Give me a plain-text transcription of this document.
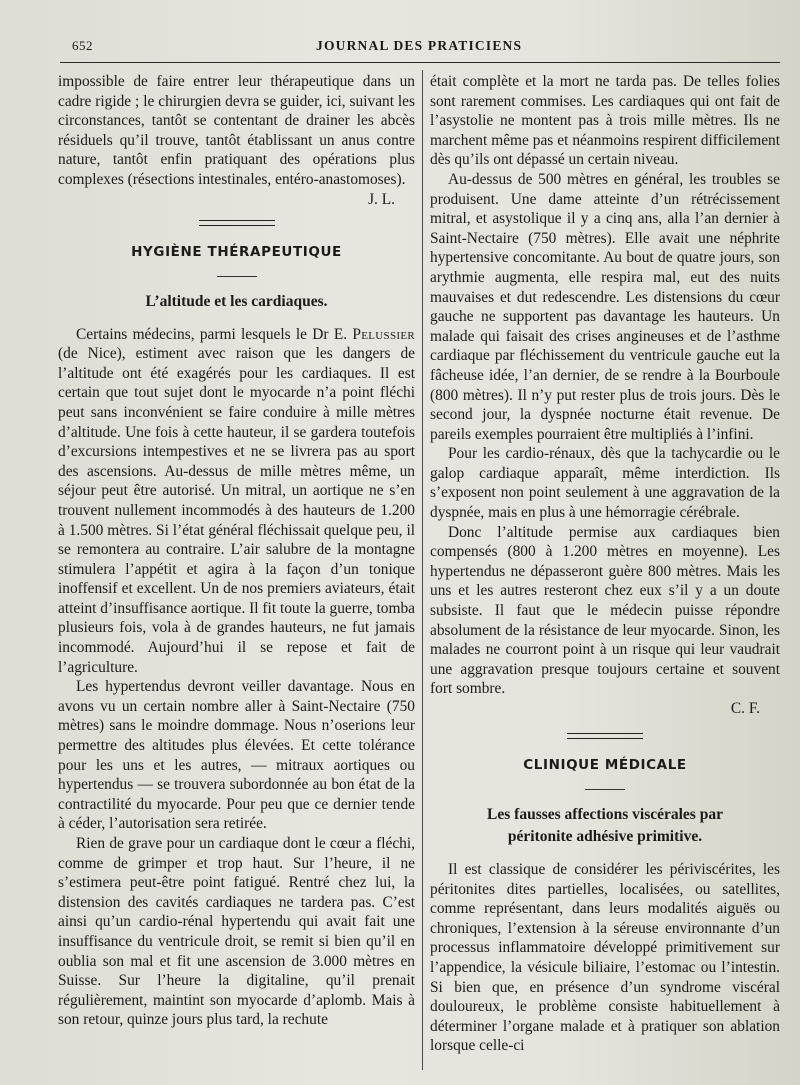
652	JOURNAL DES PRATICIENS

impossible de faire entrer leur thérapeutique dans un cadre rigide ; le chirurgien devra se guider, ici, suivant les circonstances, tantôt se contentant de drainer les abcès résiduels qu’il trouve, tantôt établissant un anus contre nature, tantôt enfin pratiquant des opérations plus complexes (résections intestinales, entéro-anastomoses).

J. L.
HYGIÈNE THÉRAPEUTIQUE
L’altitude et les cardiaques.

Certains médecins, parmi lesquels le Dr E. Pelussier (de Nice), estiment avec raison que les dangers de l’altitude ont été exagérés pour les cardiaques. Il est certain que tout sujet dont le myocarde n’a point fléchi peut sans inconvénient se faire conduire à mille mètres d’altitude. Une fois à cette hauteur, il se gardera toutefois d’excursions intempestives et ne se livrera pas au sport des ascensions. Au-dessus de mille mètres même, un séjour peut être autorisé. Un mitral, un aortique ne s’en trouvent nullement incommodés à des hauteurs de 1.200 à 1.500 mètres. Si l’état général fléchissait quelque peu, il se remontera au contraire. L’air salubre de la montagne stimulera l’appétit et agira à la façon d’un tonique inoffensif et excellent. Un de nos premiers aviateurs, était atteint d’insuffisance aortique. Il fit toute la guerre, tomba plusieurs fois, vola à de grandes hauteurs, ne fut jamais incommodé. Aujourd’hui il se repose et fait de l’agriculture.

Les hypertendus devront veiller davantage. Nous en avons vu un certain nombre aller à Saint-Nectaire (750 mètres) sans le moindre dommage. Nous n’oserions leur permettre des altitudes plus élevées. Et cette tolérance pour les uns et les autres, — mitraux aortiques ou hypertendus — se trouvera subordonnée au bon état de la contractilité du myocarde. Pour peu que ce dernier tende à céder, l’autorisation sera retirée.

Rien de grave pour un cardiaque dont le cœur a fléchi, comme de grimper et trop haut. Sur l’heure, il ne s’estimera peut-être point fatigué. Rentré chez lui, la distension des cavités cardiaques ne tardera pas. C’est ainsi qu’un cardio-rénal hypertendu qui avait fait une insuffisance du ventricule droit, se remit si bien qu’il en oublia son mal et fit une ascension de 3.000 mètres en Suisse. Sur l’heure la digitaline, qu’il prenait régulièrement, maintint son myocarde d’aplomb. Mais à son retour, quinze jours plus tard, la rechute

était complète et la mort ne tarda pas. De telles folies sont rarement commises. Les cardiaques qui ont fait de l’asystolie ne montent pas à trois mille mètres. Ils ne marchent même pas et néanmoins respirent difficilement dès qu’ils ont dépassé un certain niveau.

Au-dessus de 500 mètres en général, les troubles se produisent. Une dame atteinte d’un rétrécissement mitral, et asystolique il y a cinq ans, alla l’an dernier à Saint-Nectaire (750 mètres). Elle avait une néphrite hypertensive concomitante. Au bout de quatre jours, son arythmie augmenta, elle respira mal, eut des nuits mauvaises et dut redescendre. Les distensions du cœur gauche ne supportent pas davantage les hauteurs. Un malade qui faisait des crises angineuses et de l’asthme cardiaque par fléchissement du ventricule gauche eut la fâcheuse idée, l’an dernier, de se rendre à la Bourboule (800 mètres). Il n’y put rester plus de trois jours. Dès le second jour, la dyspnée nocturne était revenue. De pareils exemples pourraient être multipliés à l’infini.

Pour les cardio-rénaux, dès que la tachycardie ou le galop cardiaque apparaît, même interdiction. Ils s’exposent non point seulement à une aggravation de la dyspnée, mais en plus à une hémorragie cérébrale.

Donc l’altitude permise aux cardiaques bien compensés (800 à 1.200 mètres en moyenne). Les hypertendus ne dépasseront guère 800 mètres. Mais les uns et les autres resteront chez eux s’il y a un doute subsiste. Il faut que le médecin puisse répondre absolument de la résistance de leur myocarde. Sinon, les malades ne courront point à un risque qui leur vaudrait une aggravation presque toujours certaine et souvent fort sombre.

C. F.
CLINIQUE MÉDICALE
Les fausses affections viscérales par péritonite adhésive primitive.

Il est classique de considérer les périviscérites, les péritonites dites partielles, localisées, ou satellites, comme représentant, dans leurs modalités aiguës ou chroniques, l’extension à la séreuse environnante d’un processus inflammatoire développé primitivement sur l’appendice, la vésicule biliaire, l’estomac ou l’intestin. Si bien que, en présence d’un syndrome viscéral douloureux, le problème consiste habituellement à déterminer l’organe malade et à pratiquer son ablation lorsque celle-ci
